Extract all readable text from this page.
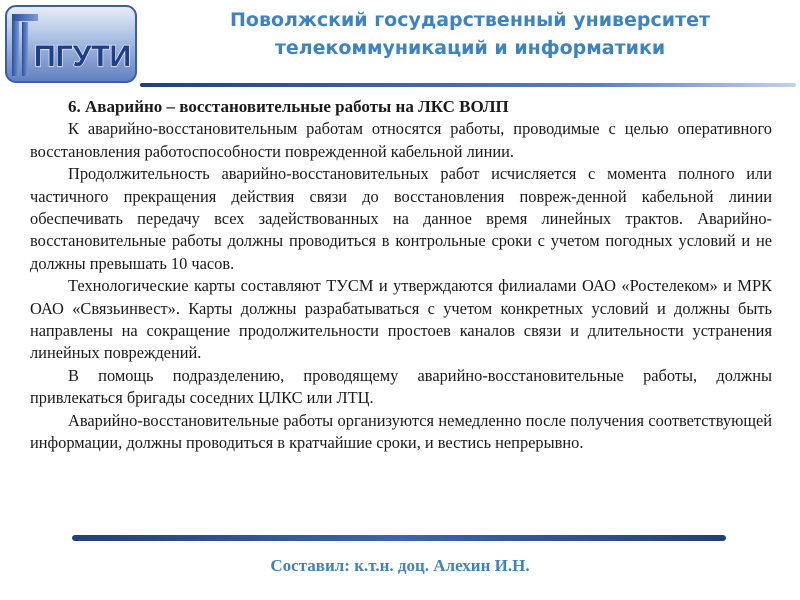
ПГУТИ
Поволжский государственный университет
телекоммуникаций и информатики

6. Аварийно – восстановительные работы на ЛКС ВОЛП

К аварийно-восстановительным работам относятся работы, проводимые с целью оперативного восстановления работоспособности поврежденной кабельной линии.

Продолжительность аварийно-восстановительных работ исчисляется с момента полного или частичного прекращения действия связи до восстановления повреж-денной кабельной линии обеспечивать передачу всех задействованных на данное время линейных трактов. Аварийно-восстановительные работы должны проводиться в контрольные сроки с учетом погодных условий и не должны превышать 10 часов.

Технологические карты составляют ТУСМ и утверждаются филиалами ОАО «Ростелеком» и МРК ОАО «Связьинвест». Карты должны разрабатываться с учетом конкретных условий и должны быть направлены на сокращение продолжительности простоев каналов связи и длительности устранения линейных повреждений.

В помощь подразделению, проводящему аварийно-восстановительные работы, должны привлекаться бригады соседних ЦЛКС или ЛТЦ.

Аварийно-восстановительные работы организуются немедленно после получения соответствующей информации, должны проводиться в кратчайшие сроки, и вестись непрерывно.

Составил: к.т.н. доц. Алехин И.Н.
